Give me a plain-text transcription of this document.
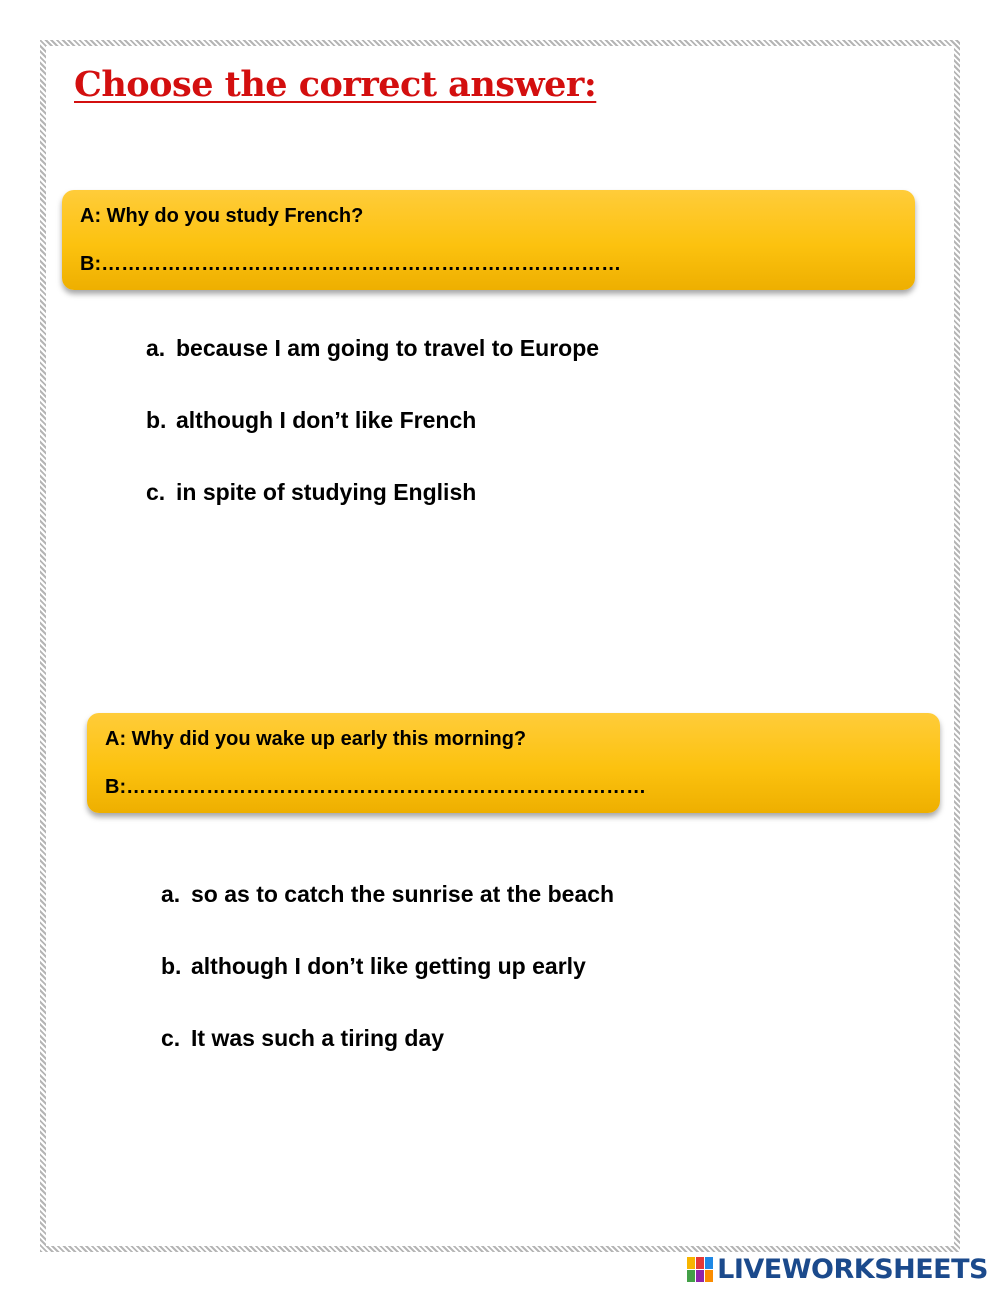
Choose the correct answer:
A: Why do you study French?
B:……………………………………………………………………
a. because I am going to travel to Europe
b. although I don’t like French
c. in spite of studying English
A: Why did you wake up early this morning?
B:……………………………………………………………………
a. so as to catch the sunrise at the beach
b. although I don’t like getting up early
c. It was such a tiring day
LIVEWORKSHEETS
